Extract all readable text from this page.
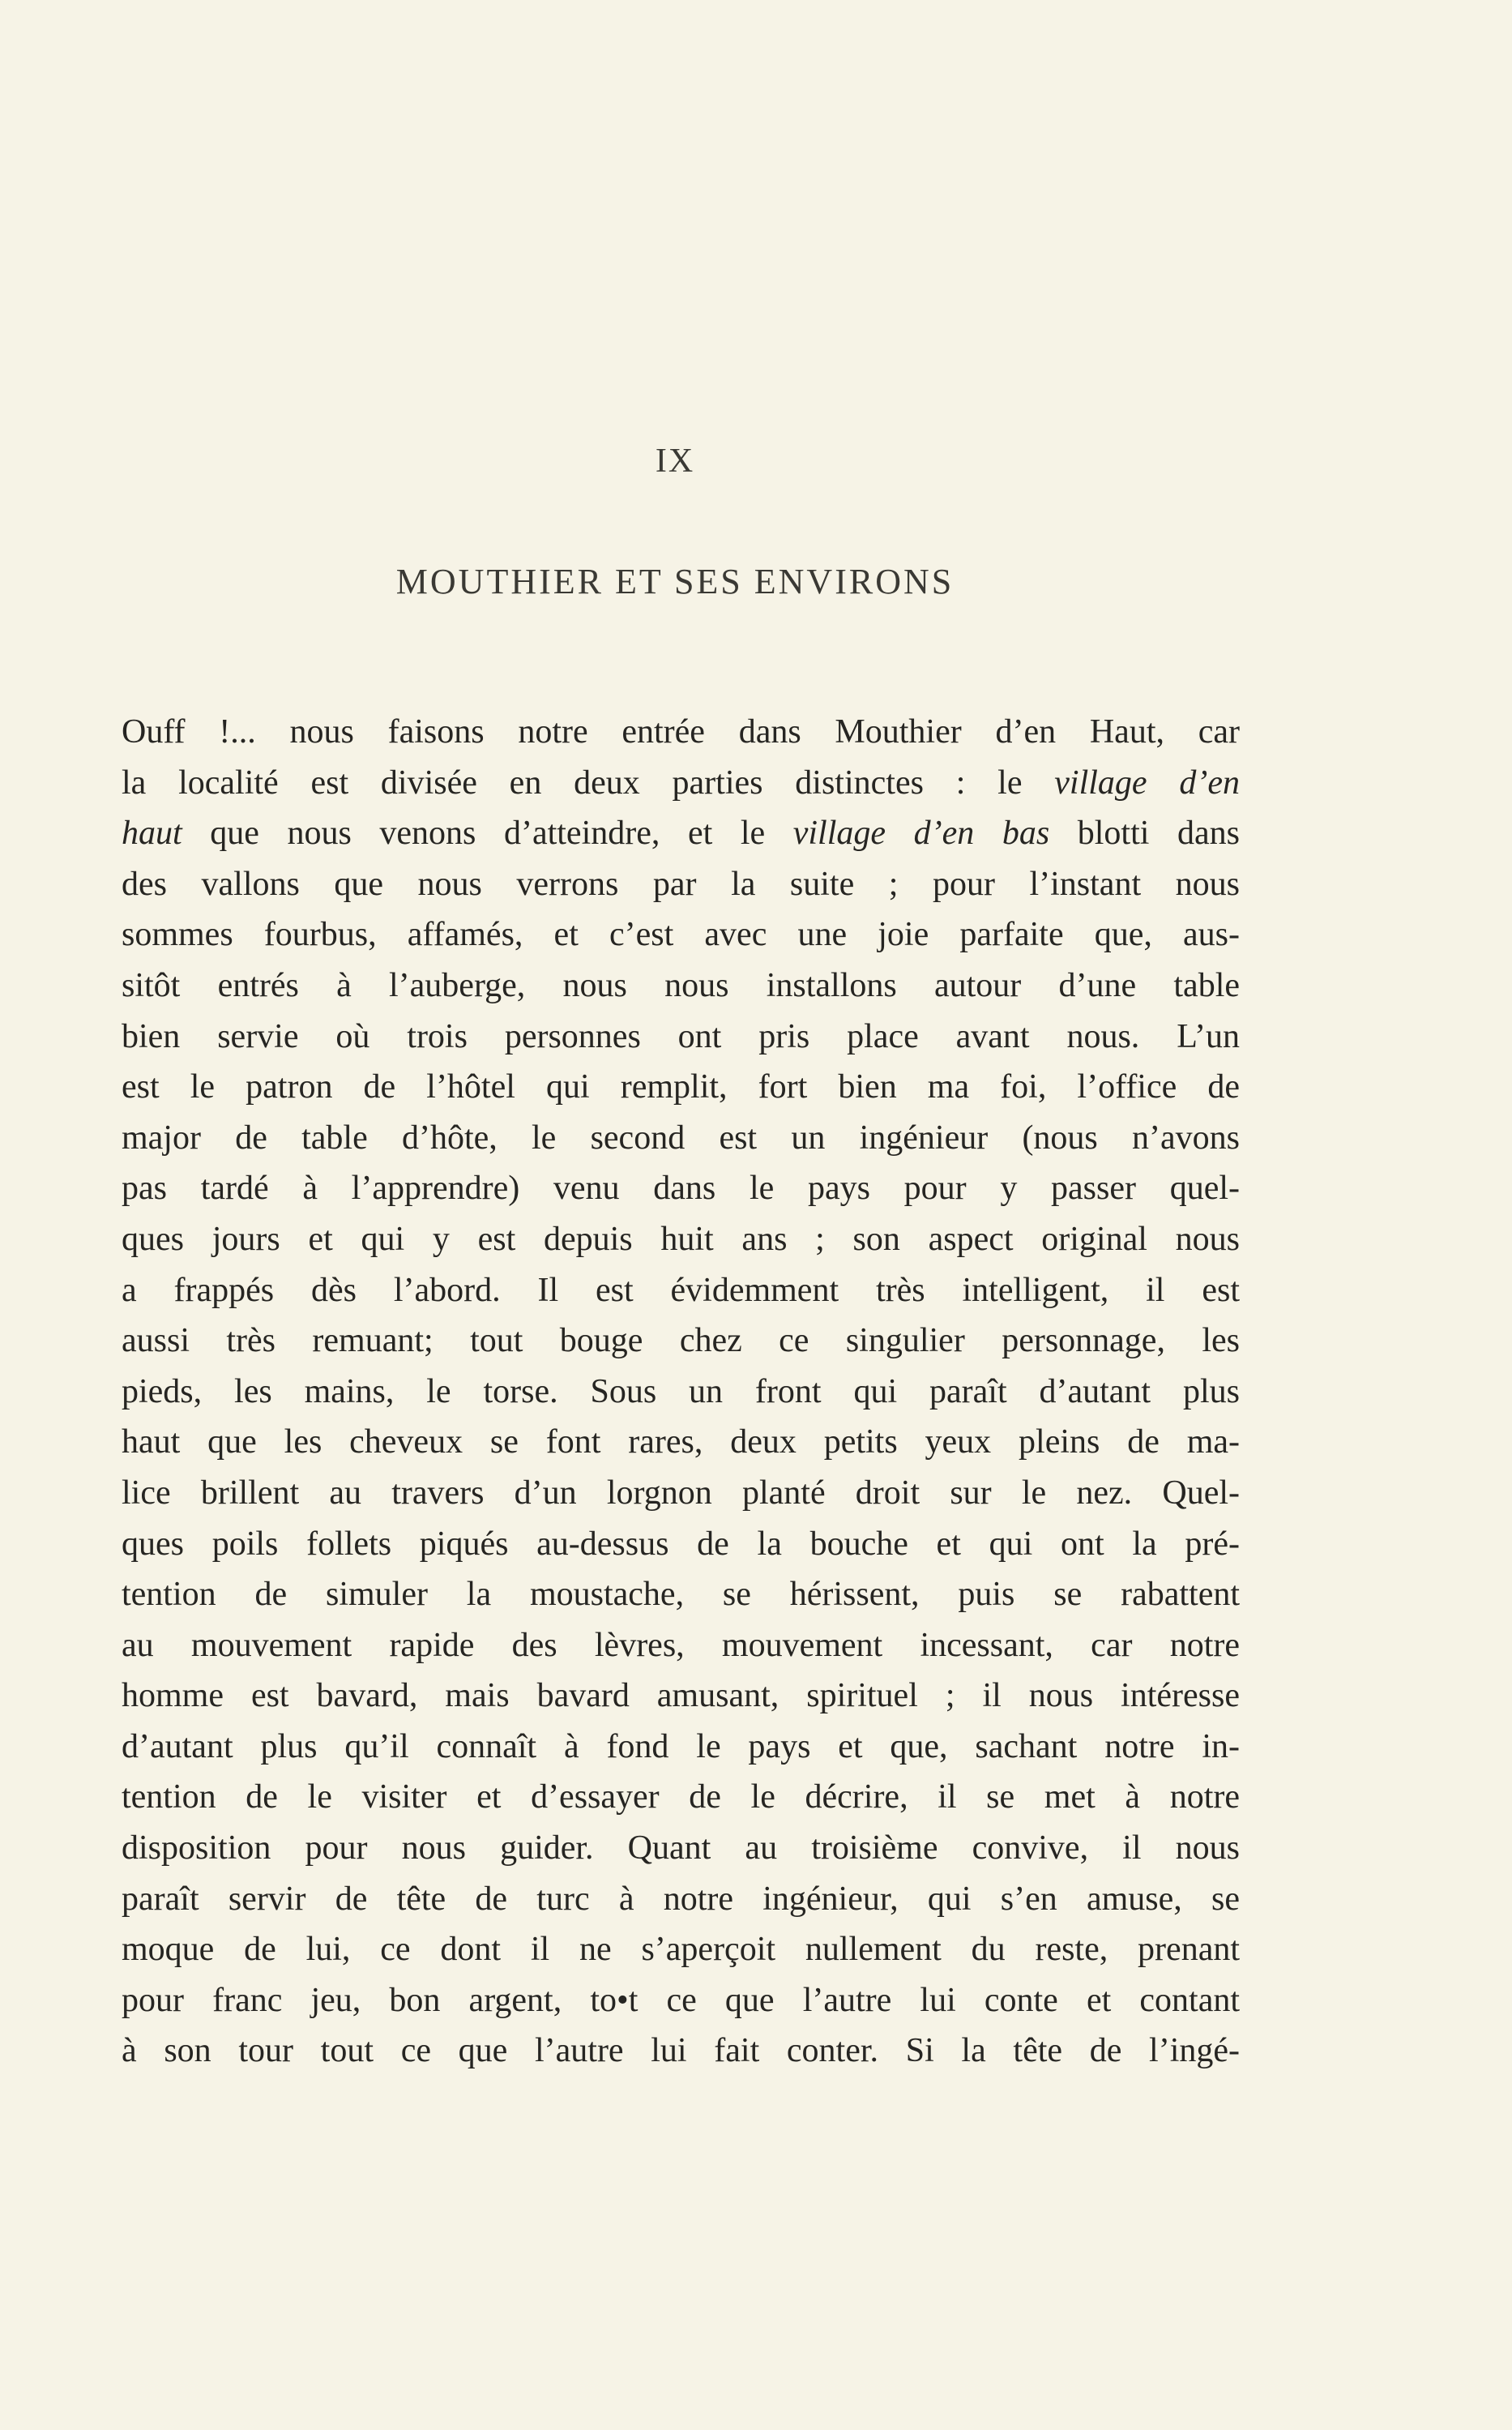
IX
MOUTHIER ET SES ENVIRONS
Ouff !... nous faisons notre entrée dans Mouthier d’en Haut, car
la localité est divisée en deux parties distinctes : le village d’en
haut que nous venons d’atteindre, et le village d’en bas blotti dans
des vallons que nous verrons par la suite ; pour l’instant nous
sommes fourbus, affamés, et c’est avec une joie parfaite que, aus-
sitôt entrés à l’auberge, nous nous installons autour d’une table
bien servie où trois personnes ont pris place avant nous. L’un
est le patron de l’hôtel qui remplit, fort bien ma foi, l’office de
major de table d’hôte, le second est un ingénieur (nous n’avons
pas tardé à l’apprendre) venu dans le pays pour y passer quel-
ques jours et qui y est depuis huit ans ; son aspect original nous
a frappés dès l’abord. Il est évidemment très intelligent, il est
aussi très remuant; tout bouge chez ce singulier personnage, les
pieds, les mains, le torse. Sous un front qui paraît d’autant plus
haut que les cheveux se font rares, deux petits yeux pleins de ma-
lice brillent au travers d’un lorgnon planté droit sur le nez. Quel-
ques poils follets piqués au-dessus de la bouche et qui ont la pré-
tention de simuler la moustache, se hérissent, puis se rabattent
au mouvement rapide des lèvres, mouvement incessant, car notre
homme est bavard, mais bavard amusant, spirituel ; il nous intéresse
d’autant plus qu’il connaît à fond le pays et que, sachant notre in-
tention de le visiter et d’essayer de le décrire, il se met à notre
disposition pour nous guider. Quant au troisième convive, il nous
paraît servir de tête de turc à notre ingénieur, qui s’en amuse, se
moque de lui, ce dont il ne s’aperçoit nullement du reste, prenant
pour franc jeu, bon argent, to•t ce que l’autre lui conte et contant
à son tour tout ce que l’autre lui fait conter. Si la tête de l’ingé-
